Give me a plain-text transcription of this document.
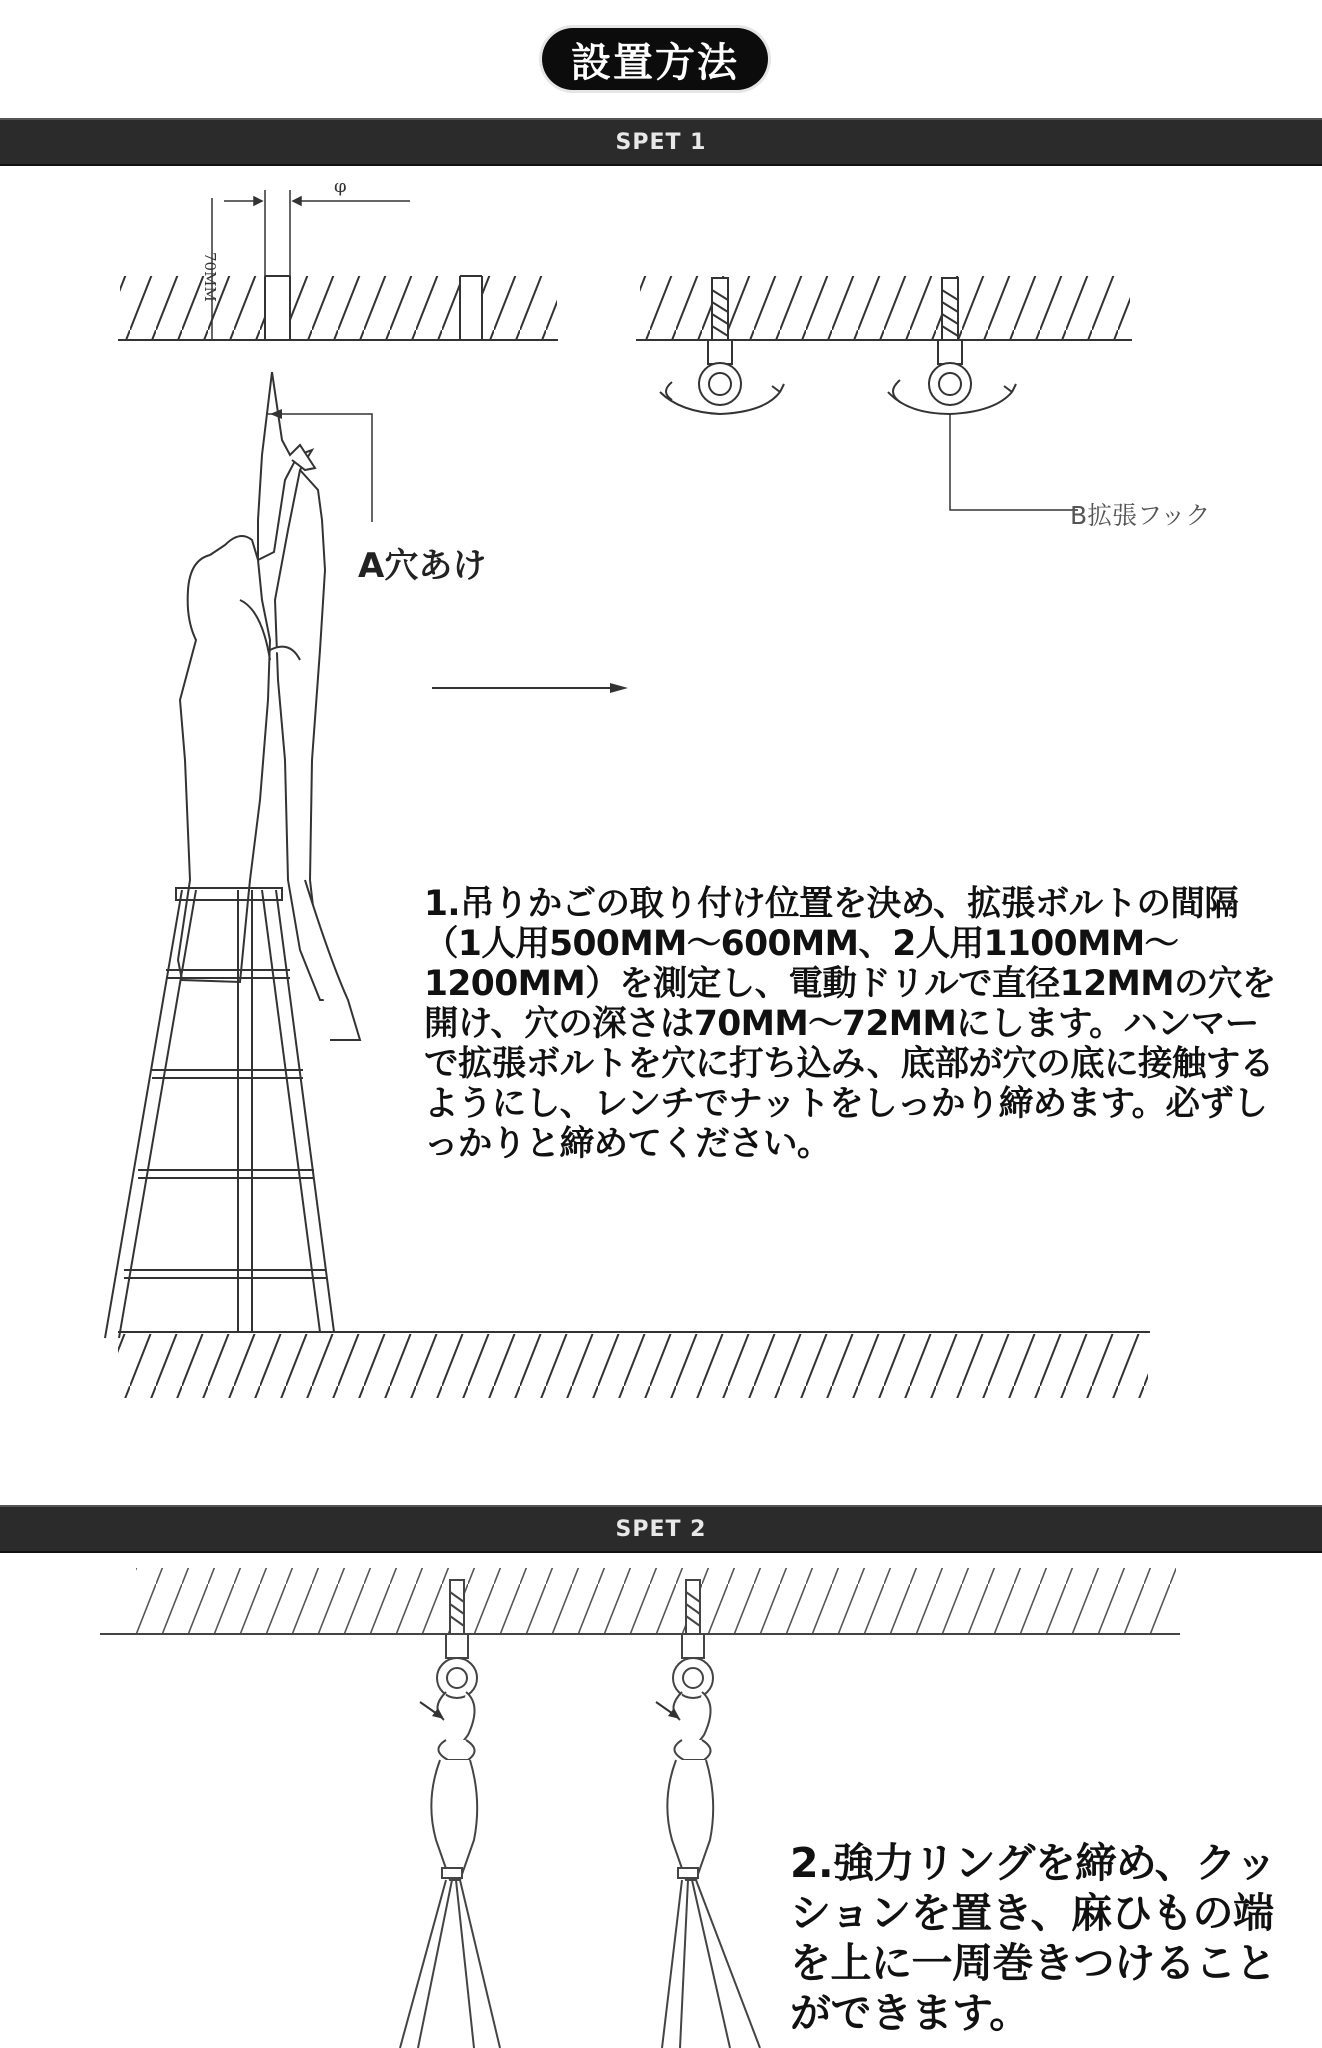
設置方法
SPET 1
70MM
φ
A穴あけ
B拡張フック
1.吊りかごの取り付け位置を決め、拡張ボルトの間隔（1人用500MM～600MM、2人用1100MM～1200MM）を測定し、電動ドリルで直径12MMの穴を開け、穴の深さは70MM～72MMにします。ハンマーで拡張ボルトを穴に打ち込み、底部が穴の底に接触するようにし、レンチでナットをしっかり締めます。必ずしっかりと締めてください。
SPET 2
2.強力リングを締め、クッションを置き、麻ひもの端を上に一周巻きつけることができます。
